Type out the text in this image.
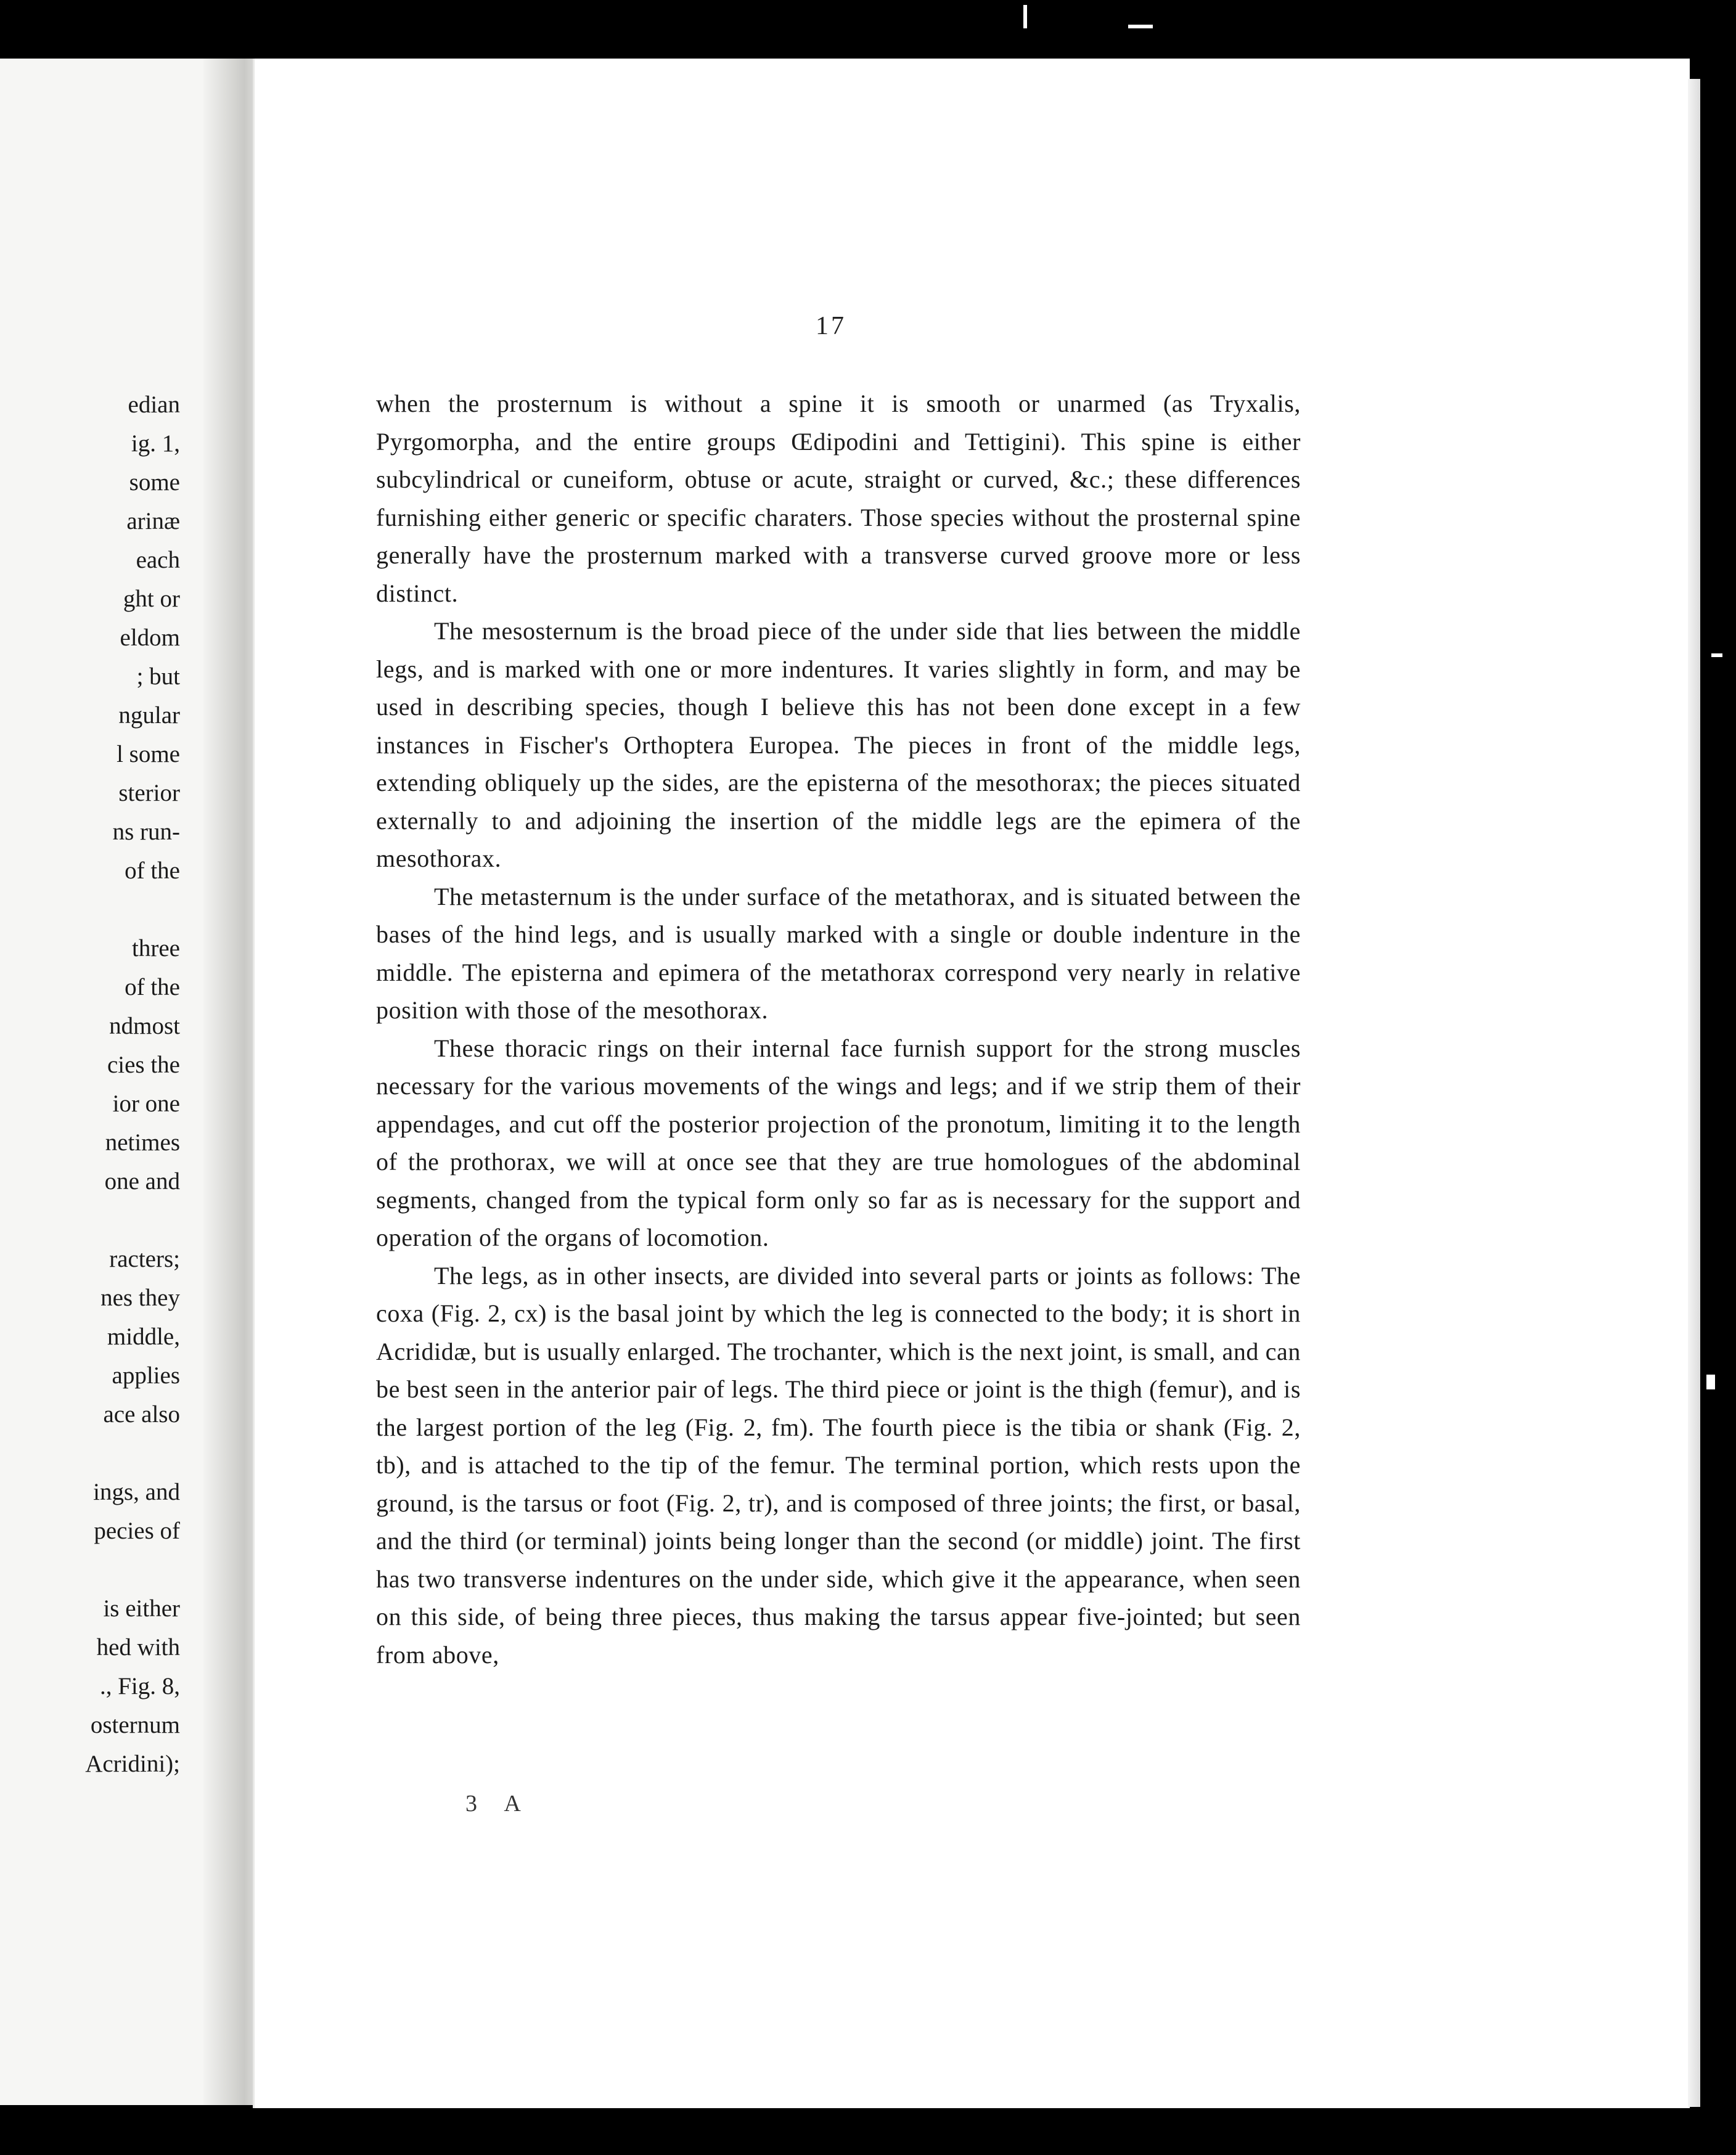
edian
ig. 1,
some
arinæ
each
ght or
eldom
; but
ngular
l some
sterior
ns run-
of the
three
of the
ndmost
cies the
ior one
netimes
one and
racters;
nes they
middle,
applies
ace also
ings, and
pecies of
is either
hed with
., Fig. 8,
osternum
Acridini);
17

when the prosternum is without a spine it is smooth or unarmed (as Tryxalis, Pyrgomorpha, and the entire groups Œdipodini and Tettigini). This spine is either subcylindrical or cuneiform, obtuse or acute, straight or curved, &c.; these differences furnishing either generic or specific charaters. Those species without the prosternal spine generally have the prosternum marked with a transverse curved groove more or less distinct.

The mesosternum is the broad piece of the under side that lies between the middle legs, and is marked with one or more indentures. It varies slightly in form, and may be used in describing species, though I believe this has not been done except in a few instances in Fischer's Orthoptera Europea. The pieces in front of the middle legs, extending obliquely up the sides, are the episterna of the mesothorax; the pieces situated externally to and adjoining the insertion of the middle legs are the epimera of the mesothorax.

The metasternum is the under surface of the metathorax, and is situated between the bases of the hind legs, and is usually marked with a single or double indenture in the middle. The episterna and epimera of the metathorax correspond very nearly in relative position with those of the mesothorax.

These thoracic rings on their internal face furnish support for the strong muscles necessary for the various movements of the wings and legs; and if we strip them of their appendages, and cut off the posterior projection of the pronotum, limiting it to the length of the prothorax, we will at once see that they are true homologues of the abdominal segments, changed from the typical form only so far as is necessary for the support and operation of the organs of locomotion.

The legs, as in other insects, are divided into several parts or joints as follows: The coxa (Fig. 2, cx) is the basal joint by which the leg is connected to the body; it is short in Acrididæ, but is usually enlarged. The trochanter, which is the next joint, is small, and can be best seen in the anterior pair of legs. The third piece or joint is the thigh (femur), and is the largest portion of the leg (Fig. 2, fm). The fourth piece is the tibia or shank (Fig. 2, tb), and is attached to the tip of the femur. The terminal portion, which rests upon the ground, is the tarsus or foot (Fig. 2, tr), and is composed of three joints; the first, or basal, and the third (or terminal) joints being longer than the second (or middle) joint. The first has two transverse indentures on the under side, which give it the appearance, when seen on this side, of being three pieces, thus making the tarsus appear five-jointed; but seen from above,

3 A
